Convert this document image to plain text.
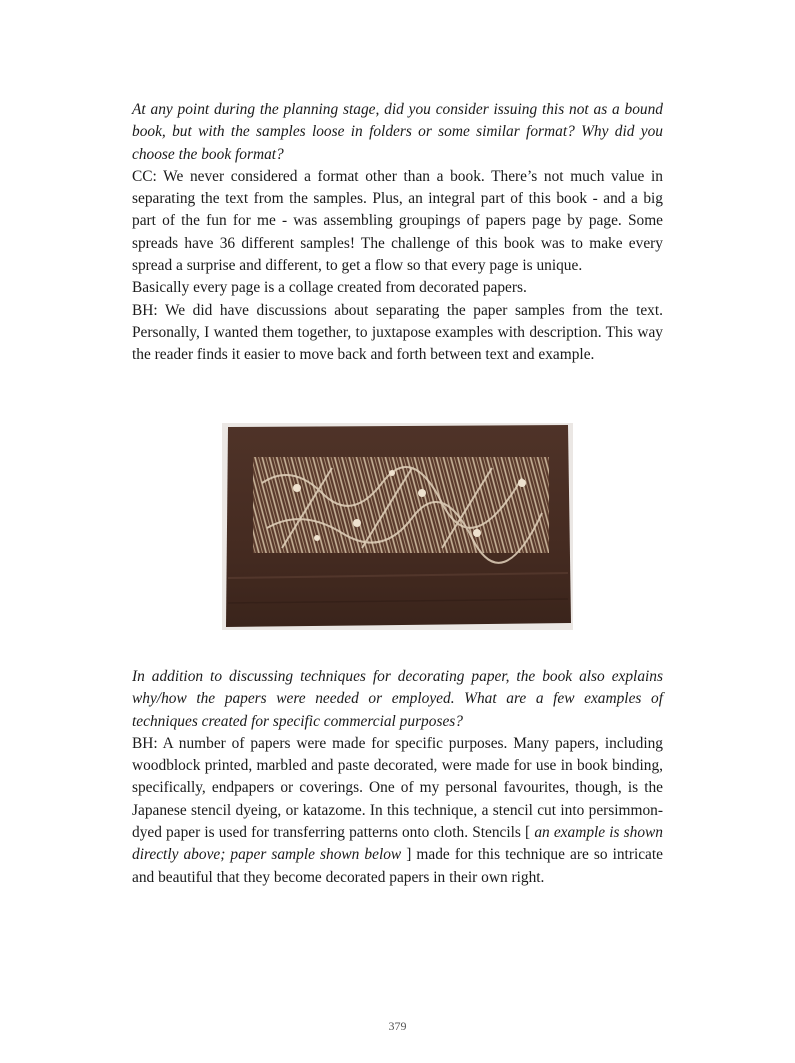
At any point during the planning stage, did you consider issuing this not as a bound book, but with the samples loose in folders or some similar format? Why did you choose the book format?

CC: We never considered a format other than a book. There’s not much value in separating the text from the samples. Plus, an integral part of this book - and a big part of the fun for me - was assembling groupings of papers page by page. Some spreads have 36 different samples! The challenge of this book was to make every spread a surprise and different, to get a flow so that every page is unique.

Basically every page is a collage created from decorated papers.

BH: We did have discussions about separating the paper samples from the text. Personally, I wanted them together, to juxtapose examples with description. This way the reader finds it easier to move back and forth between text and example.

In addition to discussing techniques for decorating paper, the book also explains why/how the papers were needed or employed. What are a few examples of techniques created for specific commercial purposes?

BH: A number of papers were made for specific purposes. Many papers, including woodblock printed, marbled and paste decorated, were made for use in book binding, specifically, endpapers or coverings. One of my personal favourites, though, is the Japanese stencil dyeing, or katazome. In this technique, a stencil cut into persimmon-dyed paper is used for transferring patterns onto cloth. Stencils [ an example is shown directly above; paper sample shown below ] made for this technique are so intricate and beautiful that they become decorated papers in their own right.

379
